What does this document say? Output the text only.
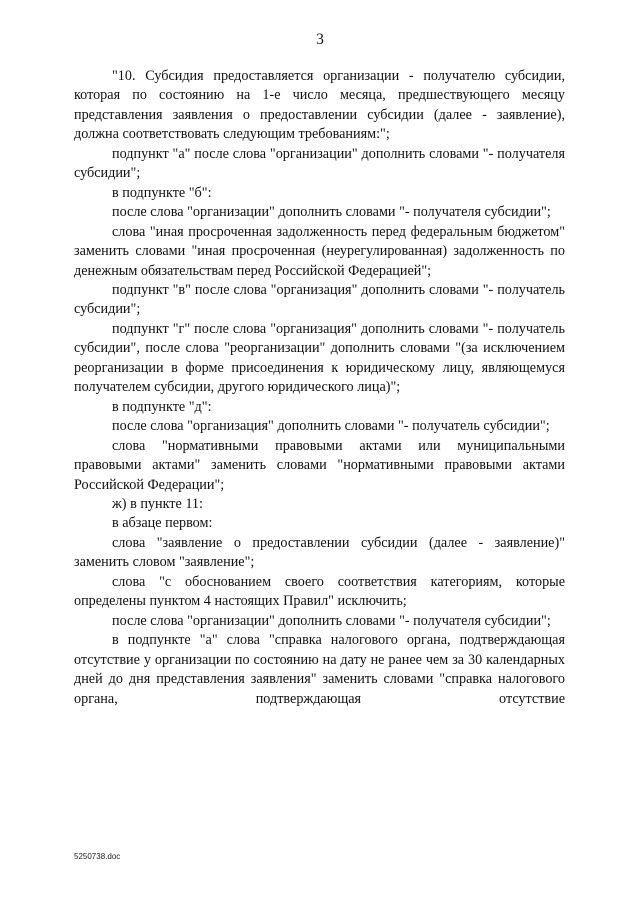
3

"10. Субсидия предоставляется организации - получателю субсидии, которая по состоянию на 1-е число месяца, предшествующего месяцу представления заявления о предоставлении субсидии (далее - заявление), должна соответствовать следующим требованиям:";

подпункт "а" после слова "организации" дополнить словами "- получателя субсидии";

в подпункте "б":

после слова "организации" дополнить словами "- получателя субсидии";

слова "иная просроченная задолженность перед федеральным бюджетом" заменить словами "иная просроченная (неурегулированная) задолженность по денежным обязательствам перед Российской Федерацией";

подпункт "в" после слова "организация" дополнить словами "- получатель субсидии";

подпункт "г" после слова "организация" дополнить словами "- получатель субсидии", после слова "реорганизации" дополнить словами "(за исключением реорганизации в форме присоединения к юридическому лицу, являющемуся получателем субсидии, другого юридического лица)";

в подпункте "д":

после слова "организация" дополнить словами "- получатель субсидии";

слова "нормативными правовыми актами или муниципальными правовыми актами" заменить словами "нормативными правовыми актами Российской Федерации";

ж) в пункте 11:

в абзаце первом:

слова "заявление о предоставлении субсидии (далее - заявление)" заменить словом "заявление";

слова "с обоснованием своего соответствия категориям, которые определены пунктом 4 настоящих Правил" исключить;

после слова "организации" дополнить словами "- получателя субсидии";

в подпункте "а" слова "справка налогового органа, подтверждающая отсутствие у организации по состоянию на дату не ранее чем за 30 календарных дней до дня представления заявления" заменить словами "справка налогового органа, подтверждающая отсутствие

5250738.doc
